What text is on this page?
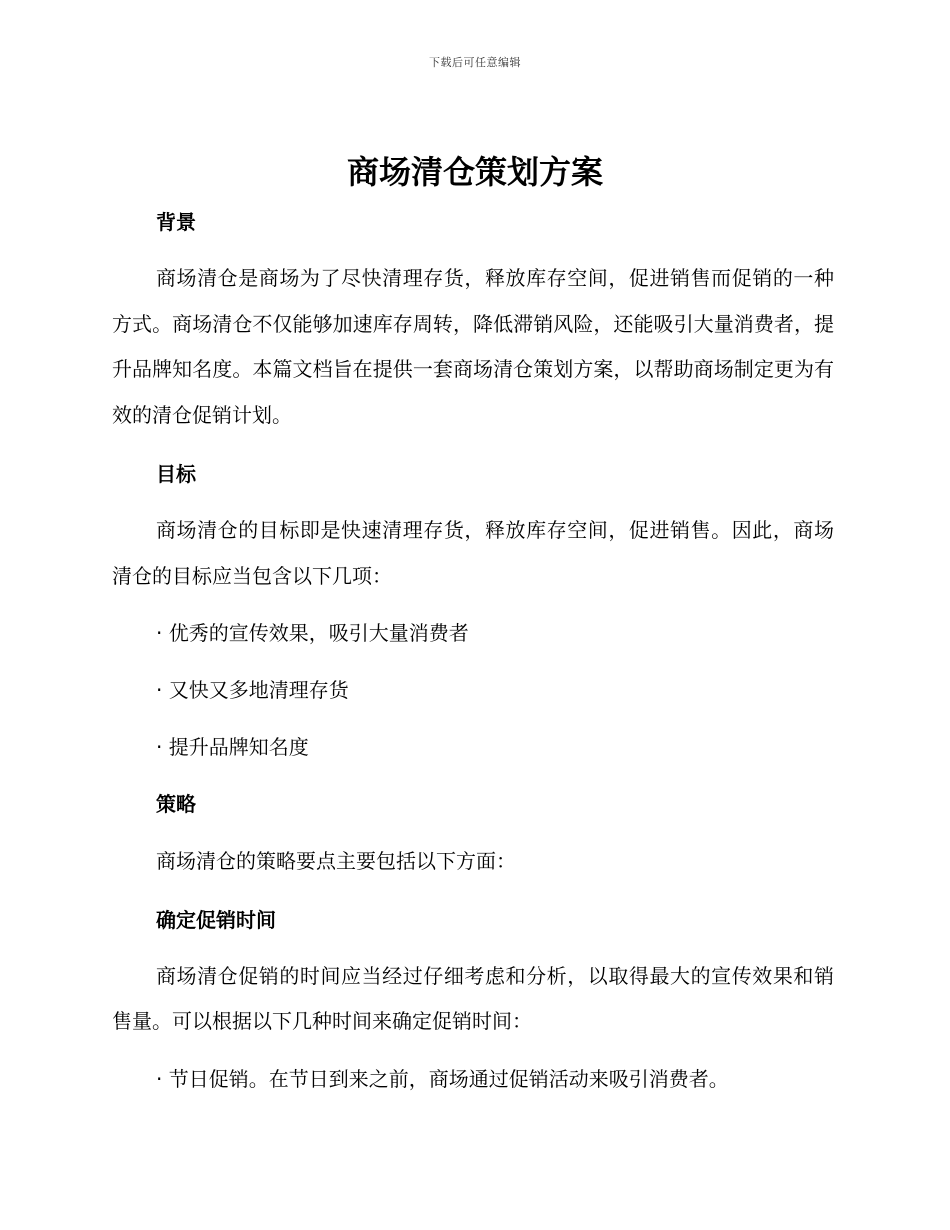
下载后可任意编辑
商场清仓策划方案
背景

商场清仓是商场为了尽快清理存货，释放库存空间，促进销售而促销的一种方式。商场清仓不仅能够加速库存周转，降低滞销风险，还能吸引大量消费者，提升品牌知名度。本篇文档旨在提供一套商场清仓策划方案，以帮助商场制定更为有效的清仓促销计划。

目标

商场清仓的目标即是快速清理存货，释放库存空间，促进销售。因此，商场清仓的目标应当包含以下几项：

· 优秀的宣传效果，吸引大量消费者

· 又快又多地清理存货

· 提升品牌知名度

策略

商场清仓的策略要点主要包括以下方面：

确定促销时间

商场清仓促销的时间应当经过仔细考虑和分析，以取得最大的宣传效果和销售量。可以根据以下几种时间来确定促销时间：

· 节日促销。在节日到来之前，商场通过促销活动来吸引消费者。
